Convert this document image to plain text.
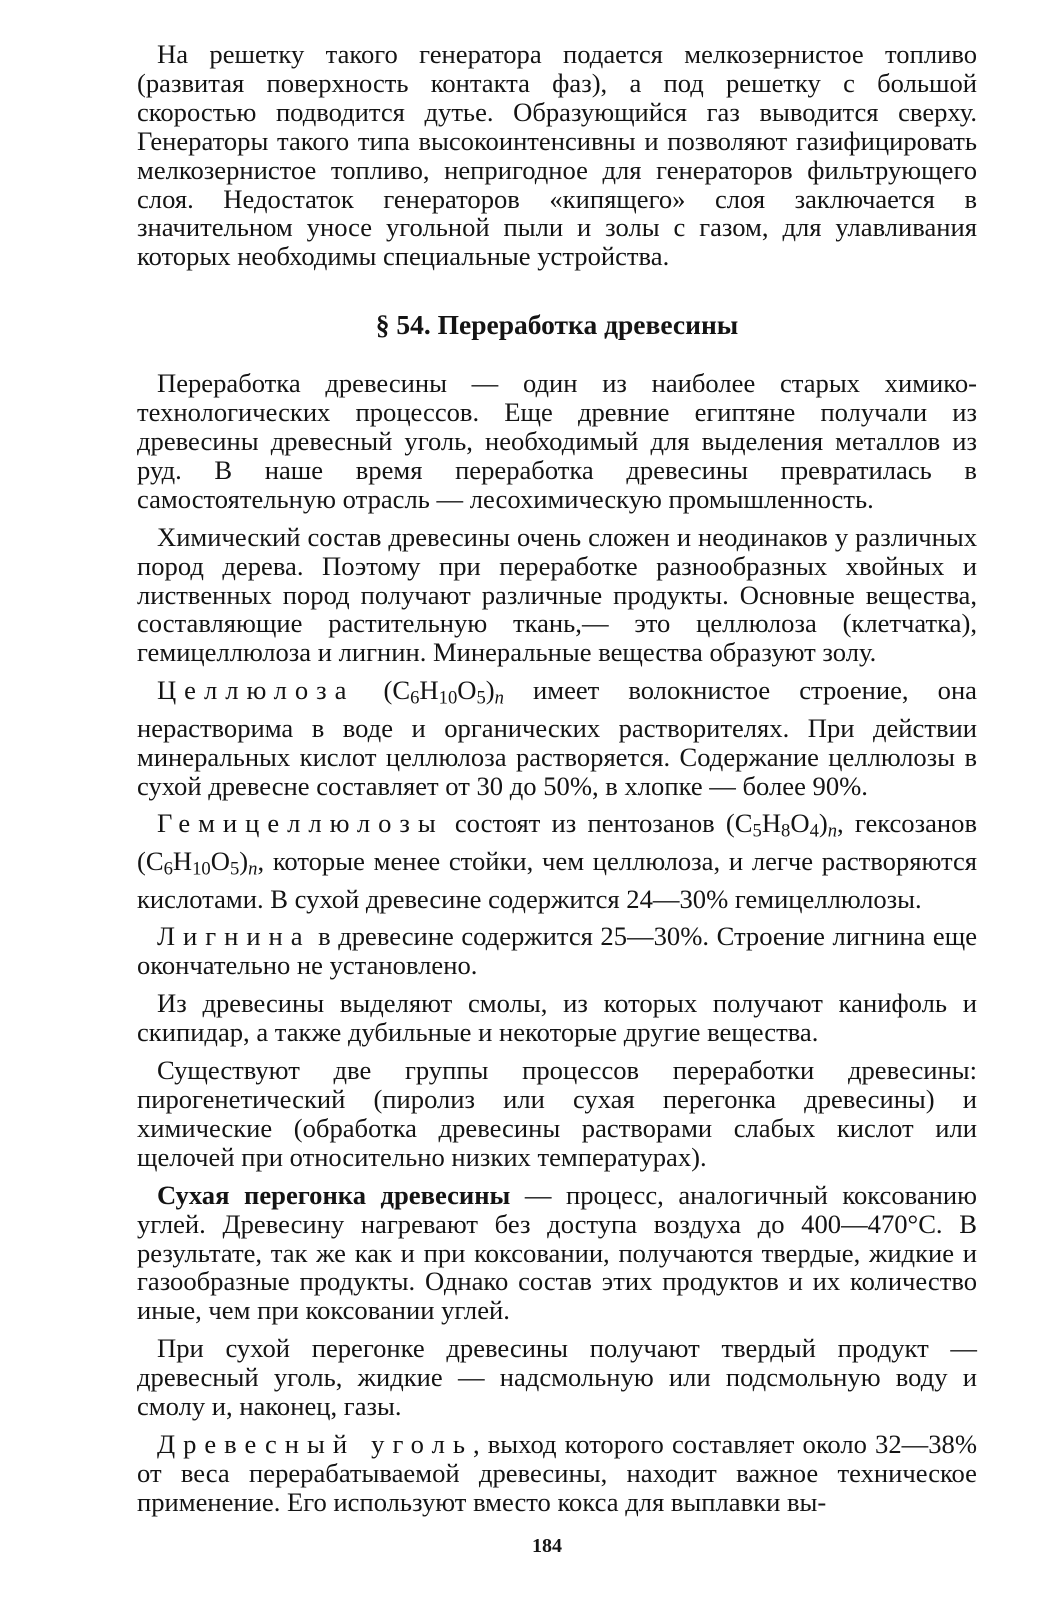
На решетку такого генератора подается мелкозернистое топливо (развитая поверхность контакта фаз), а под решетку с большой скоростью подводится дутье. Образующийся газ выводится сверху. Генераторы такого типа высокоинтенсивны и позволяют газифицировать мелкозернистое топливо, непригодное для генераторов фильтрующего слоя. Недостаток генераторов «кипящего» слоя заключается в значительном уносе угольной пыли и золы с газом, для улавливания которых необходимы специальные устройства.

§ 54. Переработка древесины

Переработка древесины — один из наиболее старых химико-технологических процессов. Еще древние египтяне получали из древесины древесный уголь, необходимый для выделения металлов из руд. В наше время переработка древесины превратилась в самостоятельную отрасль — лесохимическую промышленность.

Химический состав древесины очень сложен и неодинаков у различных пород дерева. Поэтому при переработке разнообразных хвойных и лиственных пород получают различные продукты. Основные вещества, составляющие растительную ткань,— это целлюлоза (клетчатка), гемицеллюлоза и лигнин. Минеральные вещества образуют золу.

Целлюлоза $(C_6H_{10}O_5)_n$ имеет волокнистое строение, она нерастворима в воде и органических растворителях. При действии минеральных кислот целлюлоза растворяется. Содержание целлюлозы в сухой древесне составляет от 30 до 50%, в хлопке — более 90%.

Гемицеллюлозы состоят из пентозанов $(C_5H_8O_4)_n$, гексозанов $(C_6H_{10}O_5)_n$, которые менее стойки, чем целлюлоза, и легче растворяются кислотами. В сухой древесине содержится 24—30% гемицеллюлозы.

Лигнина в древесине содержится 25—30%. Строение лигнина еще окончательно не установлено.

Из древесины выделяют смолы, из которых получают канифоль и скипидар, а также дубильные и некоторые другие вещества.

Существуют две группы процессов переработки древесины: пирогенетический (пиролиз или сухая перегонка древесины) и химические (обработка древесины растворами слабых кислот или щелочей при относительно низких температурах).

Сухая перегонка древесины — процесс, аналогичный коксованию углей. Древесину нагревают без доступа воздуха до 400—470°С. В результате, так же как и при коксовании, получаются твердые, жидкие и газообразные продукты. Однако состав этих продуктов и их количество иные, чем при коксовании углей.

При сухой перегонке древесины получают твердый продукт — древесный уголь, жидкие — надсмольную или подсмольную воду и смолу и, наконец, газы.

Древесный уголь, выход которого составляет около 32—38% от веса перерабатываемой древесины, находит важное техническое применение. Его используют вместо кокса для выплавки вы-

184
